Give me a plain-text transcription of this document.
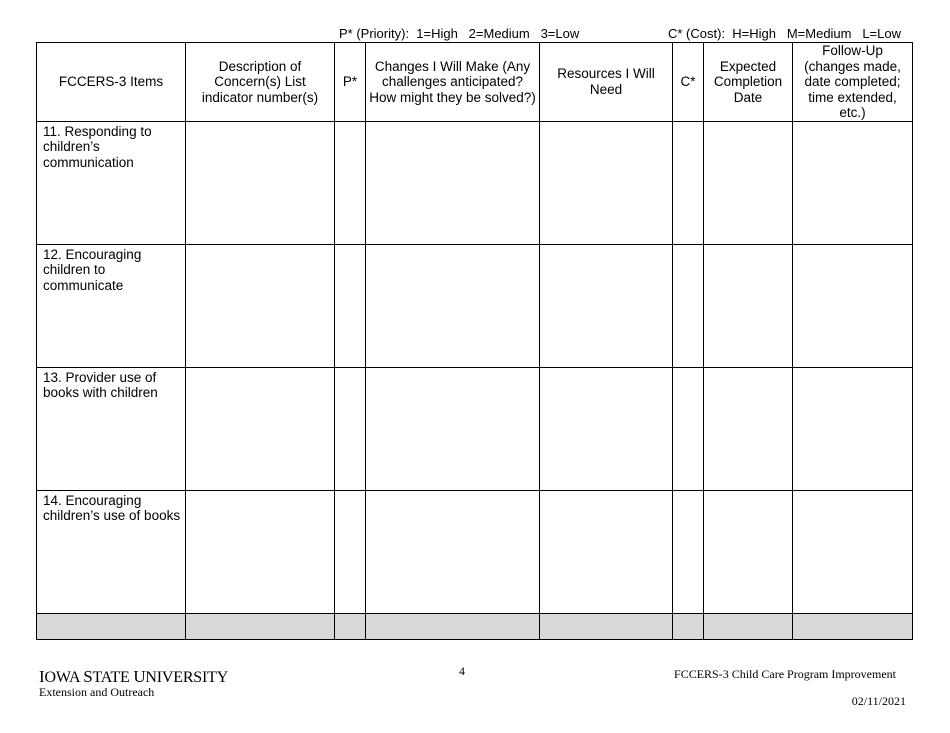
P* (Priority):  1=High   2=Medium   3=Low	C* (Cost):  H=High   M=Medium   L=Low
FCCERS-3 Items	Description of Concern(s) List indicator number(s)	P*	Changes I Will Make (Any challenges anticipated? How might they be solved?)	Resources I Will Need	C*	Expected Completion Date	Follow-Up (changes made, date completed; time extended, etc.)

11. Responding to children’s communication							
12. Encouraging children to communicate							
13. Provider use of books with children							
14. Encouraging children’s use of books							

IOWA STATE UNIVERSITY
Extension and Outreach
4	FCCERS-3 Child Care Program Improvement
02/11/2021
